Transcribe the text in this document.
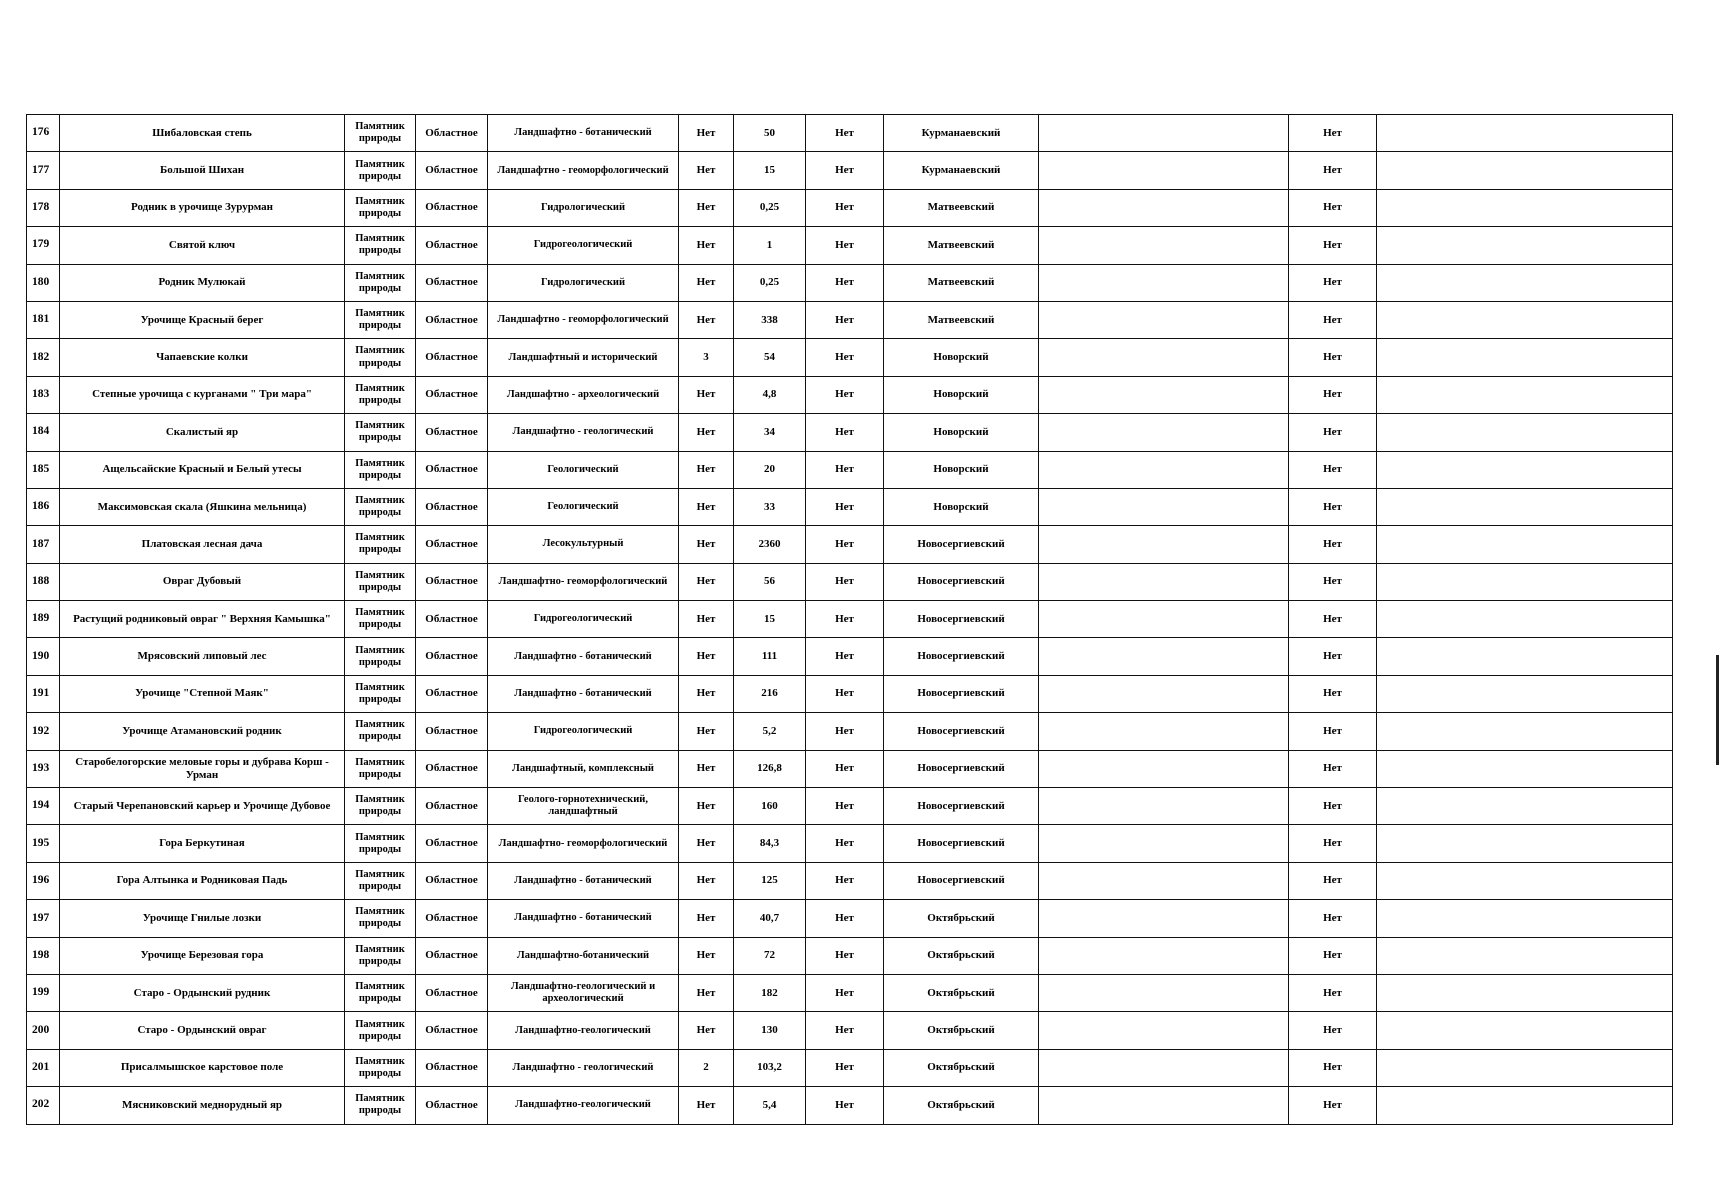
176	Шибаловская степь	Памятник природы	Областное	Ландшафтно - ботанический	Нет	50	Нет	Курманаевский		Нет	
177	Большой Шихан	Памятник природы	Областное	Ландшафтно - геоморфологический	Нет	15	Нет	Курманаевский		Нет	
178	Родник в урочище Зурурман	Памятник природы	Областное	Гидрологический	Нет	0,25	Нет	Матвеевский		Нет	
179	Святой ключ	Памятник природы	Областное	Гидрогеологический	Нет	1	Нет	Матвеевский		Нет	
180	Родник Мулюкай	Памятник природы	Областное	Гидрологический	Нет	0,25	Нет	Матвеевский		Нет	
181	Урочище Красный берег	Памятник природы	Областное	Ландшафтно - геоморфологический	Нет	338	Нет	Матвеевский		Нет	
182	Чапаевские колки	Памятник природы	Областное	Ландшафтный и исторический	3	54	Нет	Новорский		Нет	
183	Степные урочища с курганами " Три мара"	Памятник природы	Областное	Ландшафтно - археологический	Нет	4,8	Нет	Новорский		Нет	
184	Скалистый яр	Памятник природы	Областное	Ландшафтно - геологический	Нет	34	Нет	Новорский		Нет	
185	Ащельсайские Красный и Белый утесы	Памятник природы	Областное	Геологический	Нет	20	Нет	Новорский		Нет	
186	Максимовская скала (Яшкина мельница)	Памятник природы	Областное	Геологический	Нет	33	Нет	Новорский		Нет	
187	Платовская лесная дача	Памятник природы	Областное	Лесокультурный	Нет	2360	Нет	Новосергиевский		Нет	
188	Овраг Дубовый	Памятник природы	Областное	Ландшафтно- геоморфологический	Нет	56	Нет	Новосергиевский		Нет	
189	Растущий родниковый овраг " Верхняя Камышка"	Памятник природы	Областное	Гидрогеологический	Нет	15	Нет	Новосергиевский		Нет	
190	Мрясовский липовый лес	Памятник природы	Областное	Ландшафтно - ботанический	Нет	111	Нет	Новосергиевский		Нет	
191	Урочище "Степной Маяк"	Памятник природы	Областное	Ландшафтно - ботанический	Нет	216	Нет	Новосергиевский		Нет	
192	Урочище Атамановский родник	Памятник природы	Областное	Гидрогеологический	Нет	5,2	Нет	Новосергиевский		Нет	
193	Старобелогорские меловые горы и дубрава Корш - Урман	Памятник природы	Областное	Ландшафтный, комплексный	Нет	126,8	Нет	Новосергиевский		Нет	
194	Старый Черепановский карьер и Урочище Дубовое	Памятник природы	Областное	Геолого-горнотехнический, ландшафтный	Нет	160	Нет	Новосергиевский		Нет	
195	Гора Беркутиная	Памятник природы	Областное	Ландшафтно- геоморфологический	Нет	84,3	Нет	Новосергиевский		Нет	
196	Гора Алтынка и Родниковая Падь	Памятник природы	Областное	Ландшафтно - ботанический	Нет	125	Нет	Новосергиевский		Нет	
197	Урочище Гнилые лозки	Памятник природы	Областное	Ландшафтно - ботанический	Нет	40,7	Нет	Октябрьский		Нет	
198	Урочище Березовая гора	Памятник природы	Областное	Ландшафтно-ботанический	Нет	72	Нет	Октябрьский		Нет	
199	Старо - Ордынский рудник	Памятник природы	Областное	Ландшафтно-геологический и археологический	Нет	182	Нет	Октябрьский		Нет	
200	Старо - Ордынский овраг	Памятник природы	Областное	Ландшафтно-геологический	Нет	130	Нет	Октябрьский		Нет	
201	Присалмышское карстовое поле	Памятник природы	Областное	Ландшафтно - геологический	2	103,2	Нет	Октябрьский		Нет	
202	Мясниковский меднорудный яр	Памятник природы	Областное	Ландшафтно-геологический	Нет	5,4	Нет	Октябрьский		Нет	
